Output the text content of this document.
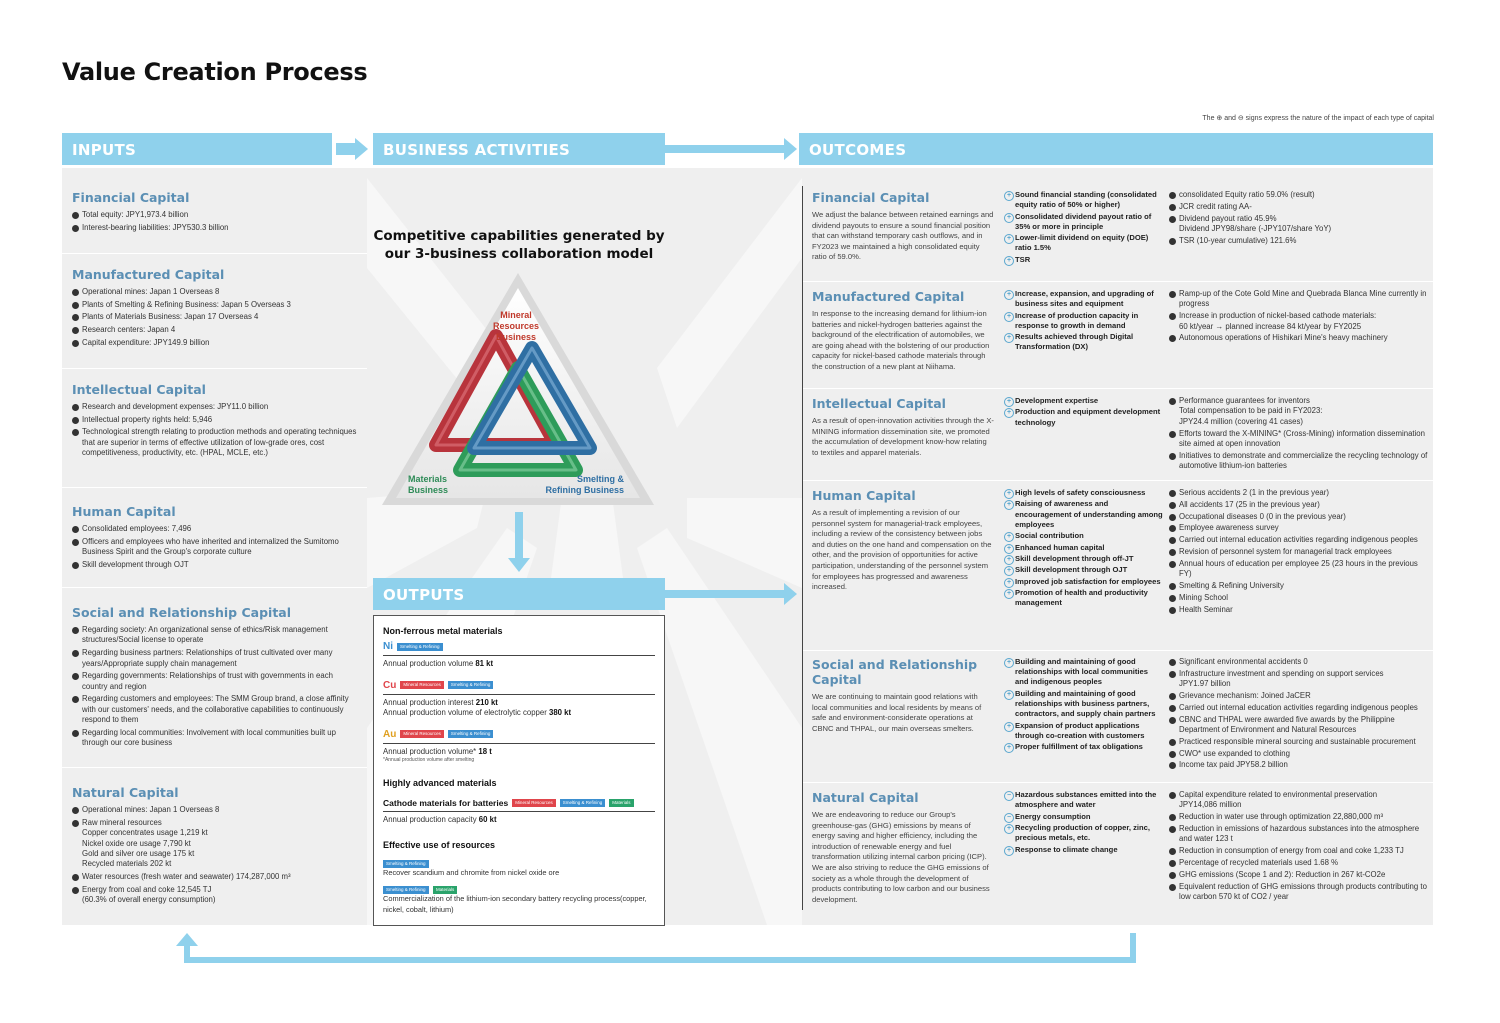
Value Creation Process
The ⊕ and ⊖ signs express the nature of the impact of each type of capital
INPUTS	BUSINESS ACTIVITIES	OUTCOMES
OUTPUTS
Financial Capital
Total equity: JPY1,973.4 billion
Interest-bearing liabilities: JPY530.3 billion
Manufactured Capital
Operational mines: Japan 1 Overseas 8
Plants of Smelting & Refining Business: Japan 5 Overseas 3
Plants of Materials Business: Japan 17 Overseas 4
Research centers: Japan 4
Capital expenditure: JPY149.9 billion
Intellectual Capital
Research and development expenses: JPY11.0 billion
Intellectual property rights held: 5,946
Technological strength relating to production methods and operating techniques that are superior in terms of effective utilization of low-grade ores, cost competitiveness, productivity, etc. (HPAL, MCLE, etc.)
Human Capital
Consolidated employees: 7,496
Officers and employees who have inherited and internalized the Sumitomo Business Spirit and the Group's corporate culture
Skill development through OJT
Social and Relationship Capital
Regarding society: An organizational sense of ethics/Risk management structures/Social license to operate
Regarding business partners: Relationships of trust cultivated over many years/Appropriate supply chain management
Regarding governments: Relationships of trust with governments in each country and region
Regarding customers and employees: The SMM Group brand, a close affinity with our customers' needs, and the collaborative capabilities to continuously respond to them
Regarding local communities: Involvement with local communities built up through our core business
Natural Capital
Operational mines: Japan 1 Overseas 8
Raw mineral resources
Copper concentrates usage 1,219 kt
Nickel oxide ore usage 7,790 kt
Gold and silver ore usage 175 kt
Recycled materials 202 kt
Water resources (fresh water and seawater) 174,287,000 m³
Energy from coal and coke 12,545 TJ
(60.3% of overall energy consumption)
Competitive capabilities generated by
our 3-business collaboration model
Mineral
Resources
Business
Materials
Business
Smelting &
Refining Business
Non-ferrous metal materials
Ni	Smelting & Refining
Annual production volume 81 kt
Cu	Mineral Resources	Smelting & Refining
Annual production interest 210 kt
Annual production volume of electrolytic copper 380 kt
Au	Mineral Resources	Smelting & Refining
Annual production volume* 18 t
*Annual production volume after smelting
Highly advanced materials
Cathode materials for batteries	Mineral Resources	Smelting & Refining	Materials
Annual production capacity 60 kt
Effective use of resources
Smelting & Refining
Recover scandium and chromite from nickel oxide ore
Smelting & Refining Materials
Commercialization of the lithium-ion secondary battery recycling process(copper, nickel, cobalt, lithium)
Financial Capital

We adjust the balance between retained earnings and dividend payouts to ensure a sound financial position that can withstand temporary cash outflows, and in FY2023 we maintained a high consolidated equity ratio of 59.0%.

+ Sound financial standing (consolidated equity ratio of 50% or higher)
+ Consolidated dividend payout ratio of 35% or more in principle
+ Lower-limit dividend on equity (DOE) ratio 1.5%
+ TSR
consolidated Equity ratio 59.0% (result)
JCR credit rating AA-
Dividend payout ratio 45.9%
Dividend JPY98/share (-JPY107/share YoY)
TSR (10-year cumulative) 121.6%
Manufactured Capital

In response to the increasing demand for lithium-ion batteries and nickel-hydrogen batteries against the background of the electrification of automobiles, we are going ahead with the bolstering of our production capacity for nickel-based cathode materials through the construction of a new plant at Niihama.

+ Increase, expansion, and upgrading of business sites and equipment
+ Increase of production capacity in response to growth in demand
+ Results achieved through Digital Transformation (DX)
Ramp-up of the Cote Gold Mine and Quebrada Blanca Mine currently in progress
Increase in production of nickel-based cathode materials:
60 kt/year → planned increase 84 kt/year by FY2025
Autonomous operations of Hishikari Mine's heavy machinery
Intellectual Capital

As a result of open-innovation activities through the X-MINING information dissemination site, we promoted the accumulation of development know-how relating to textiles and apparel materials.

+ Development expertise
+ Production and equipment development technology
Performance guarantees for inventors
Total compensation to be paid in FY2023:
JPY24.4 million (covering 41 cases)
Efforts toward the X-MINING* (Cross-Mining) information dissemination site aimed at open innovation
Initiatives to demonstrate and commercialize the recycling technology of automotive lithium-ion batteries
Human Capital

As a result of implementing a revision of our personnel system for managerial-track employees, including a review of the consistency between jobs and duties on the one hand and compensation on the other, and the provision of opportunities for active participation, understanding of the personnel system for employees has progressed and awareness increased.

+ High levels of safety consciousness
+ Raising of awareness and encouragement of understanding among employees
+ Social contribution
+ Enhanced human capital
+ Skill development through off-JT
+ Skill development through OJT
+ Improved job satisfaction for employees
+ Promotion of health and productivity management
Serious accidents 2 (1 in the previous year)
All accidents 17 (25 in the previous year)
Occupational diseases 0 (0 in the previous year)
Employee awareness survey
Carried out internal education activities regarding indigenous peoples
Revision of personnel system for managerial track employees
Annual hours of education per employee 25 (23 hours in the previous FY)
Smelting & Refining University
Mining School
Health Seminar
Social and Relationship Capital

We are continuing to maintain good relations with local communities and local residents by means of safe and environment-considerate operations at CBNC and THPAL, our main overseas smelters.

+ Building and maintaining of good relationships with local communities and indigenous peoples
+ Building and maintaining of good relationships with business partners, contractors, and supply chain partners
+ Expansion of product applications through co-creation with customers
+ Proper fulfillment of tax obligations
Significant environmental accidents 0
Infrastructure investment and spending on support services
JPY1.97 billion
Grievance mechanism: Joined JaCER
Carried out internal education activities regarding indigenous peoples
CBNC and THPAL were awarded five awards by the Philippine Department of Environment and Natural Resources
Practiced responsible mineral sourcing and sustainable procurement
CWO* use expanded to clothing
Income tax paid JPY58.2 billion
Natural Capital

We are endeavoring to reduce our Group's greenhouse-gas (GHG) emissions by means of energy saving and higher efficiency, including the introduction of renewable energy and fuel transformation utilizing internal carbon pricing (ICP). We are also striving to reduce the GHG emissions of society as a whole through the development of products contributing to low carbon and our business development.

− Hazardous substances emitted into the atmosphere and water
− Energy consumption
+ Recycling production of copper, zinc, precious metals, etc.
+ Response to climate change
Capital expenditure related to environmental preservation
JPY14,086 million
Reduction in water use through optimization 22,880,000 m³
Reduction in emissions of hazardous substances into the atmosphere and water 123 t
Reduction in consumption of energy from coal and coke 1,233 TJ
Percentage of recycled materials used 1.68 %
GHG emissions (Scope 1 and 2): Reduction in 267 kt-CO2e
Equivalent reduction of GHG emissions through products contributing to low carbon 570 kt of CO2 / year
